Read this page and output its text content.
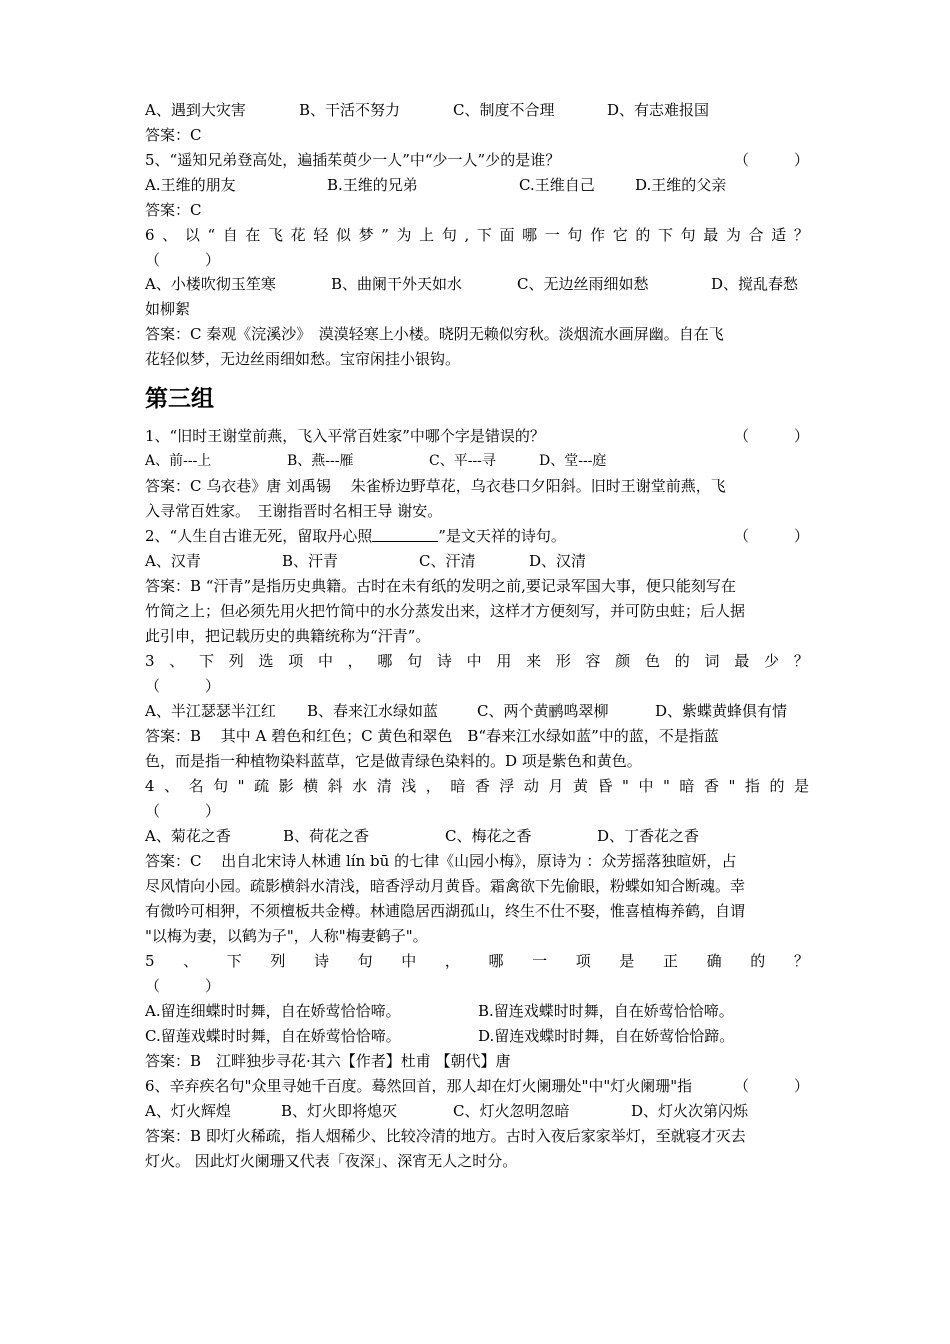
A、遇到大灾害	B、干活不努力	C、制度不合理	D、有志难报国
答案：C
5、“遥知兄弟登高处，遍插茱萸少一人”中“少一人”少的是谁？	（　　　）
A.王维的朋友	B.王维的兄弟	C.王维自己	D.王维的父亲
答案：C
6 、 以 “ 自 在 飞 花 轻 似 梦 ” 为 上 句 , 下 面 哪 一 句 作 它 的 下 句 最 为 合 适 ？
（　　　）
A、小楼吹彻玉笙寒	B、曲阑干外天如水	C、无边丝雨细如愁	D、搅乱春愁
如柳絮
答案：C 秦观《浣溪沙》　漠漠轻寒上小楼。晓阴无赖似穷秋。淡烟流水画屏幽。自在飞
花轻似梦，无边丝雨细如愁。宝帘闲挂小银钩。
第三组
1、“旧时王谢堂前燕，飞入平常百姓家”中哪个字是错误的？	（　　　）
A、前---上	B、燕---雁	C、平---寻	D、堂---庭
答案：C 乌衣巷》唐 刘禹锡　 朱雀桥边野草花，乌衣巷口夕阳斜。旧时王谢堂前燕，飞
入寻常百姓家。　王谢指晋时名相王导 谢安。
2、“人生自古谁无死，留取丹心照	”是文天祥的诗句。	（　　　）
A、汉青	B、汗青	C、汗清	D、汉清
答案：B “汗青”是指历史典籍。古时在未有纸的发明之前,要记录军国大事，便只能刻写在
竹简之上；但必须先用火把竹简中的水分蒸发出来，这样才方便刻写，并可防虫蛀；后人据
此引申，把记载历史的典籍统称为“汗青”。
3 、 下 列 选 项 中 ， 哪 句 诗 中 用 来 形 容 颜 色 的 词 最 少 ？
（　　　）
A、半江瑟瑟半江红	B、春来江水绿如蓝	C、两个黄鹂鸣翠柳	D、紫蝶黄蜂俱有情
答案：B　 其中 A 碧色和红色；C 黄色和翠色　B“春来江水绿如蓝”中的蓝，不是指蓝
色，而是指一种植物染料蓝草，它是做青绿色染料的。D 项是紫色和黄色。
4 、 名 句 " 疏 影 横 斜 水 清 浅 ， 暗 香 浮 动 月 黄 昏 " 中 " 暗 香 " 指 的 是
（　　　）
A、菊花之香	B、荷花之香	C、梅花之香	D、丁香花之香
答案：C　 出自北宋诗人林逋 lín bū 的七律《山园小梅》，原诗为 ：众芳摇落独暄妍，占
尽风情向小园。疏影横斜水清浅，暗香浮动月黄昏。霜禽欲下先偷眼，粉蝶如知合断魂。幸
有微吟可相狎，不须檀板共金樽。林逋隐居西湖孤山，终生不仕不娶，惟喜植梅养鹤，自谓
"以梅为妻，以鹤为子"，人称"梅妻鹤子"。
5 、 下 列 诗 句 中 ， 哪 一 项 是 正 确 的 ？
（　　　）
A.留连细蝶时时舞，自在娇莺恰恰啼。	B.留连戏蝶时时舞，自在娇莺恰恰啼。
C.留莲戏蝶时时舞，自在娇莺恰恰啼。	D.留连戏蝶时时舞，自在娇莺恰恰蹄。
答案：B　江畔独步寻花·其六【作者】杜甫 【朝代】唐
6、辛弃疾名句"众里寻她千百度。蓦然回首，那人却在灯火阑珊处"中"灯火阑珊"指	（　　　）
A、灯火辉煌	B、灯火即将熄灭	C、灯火忽明忽暗	D、灯火次第闪烁
答案：B 即灯火稀疏，指人烟稀少、比较冷清的地方。古时入夜后家家举灯，至就寝才灭去
灯火。 因此灯火阑珊又代表「夜深」、深宵无人之时分。
